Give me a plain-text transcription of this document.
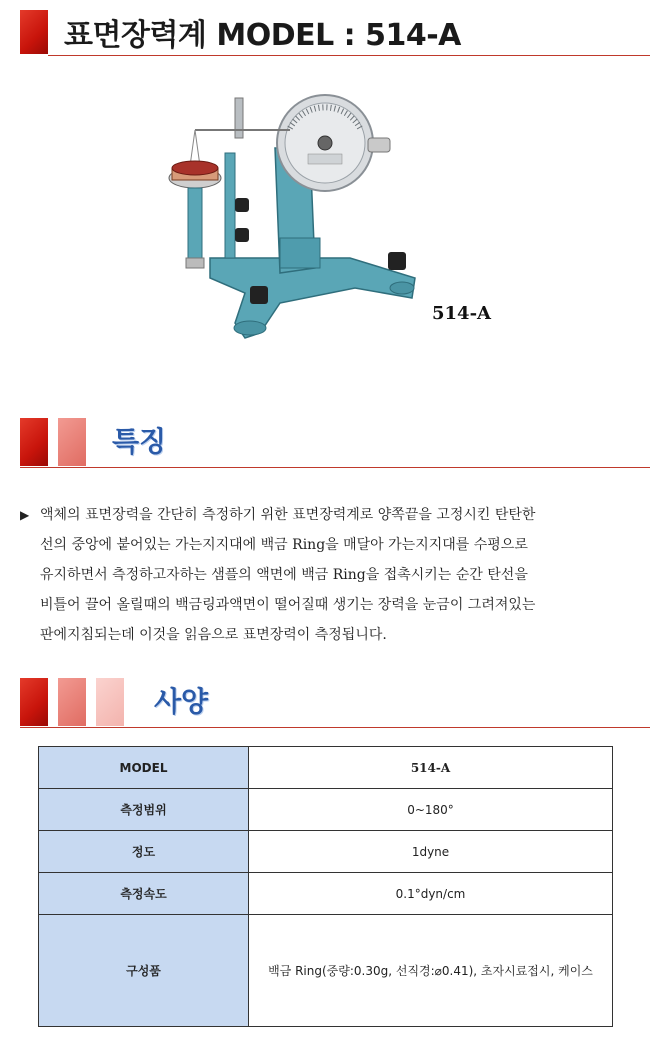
표면장력계 MODEL : 514-A
514-A
특징
▶ 액체의 표면장력을 간단히 측정하기 위한 표면장력계로 양쪽끝을 고정시킨 탄탄한

선의 중앙에 붙어있는 가는지지대에 백금 Ring을 매달아 가는지지대를 수평으로

유지하면서 측정하고자하는 샘플의 액면에 백금 Ring을 접촉시키는 순간 탄선을

비틀어 끌어 올릴때의 백금링과액면이 떨어질때 생기는 장력을 눈금이 그려져있는

판에지침되는데 이것을 읽음으로 표면장력이 측정됩니다.

사양
MODEL	514-A
측정범위	0~180°
정도	1dyne
측정속도	0.1°dyn/cm
구성품	백금 Ring(중량:0.30g, 선직경:⌀0.41), 초자시료접시, 케이스
